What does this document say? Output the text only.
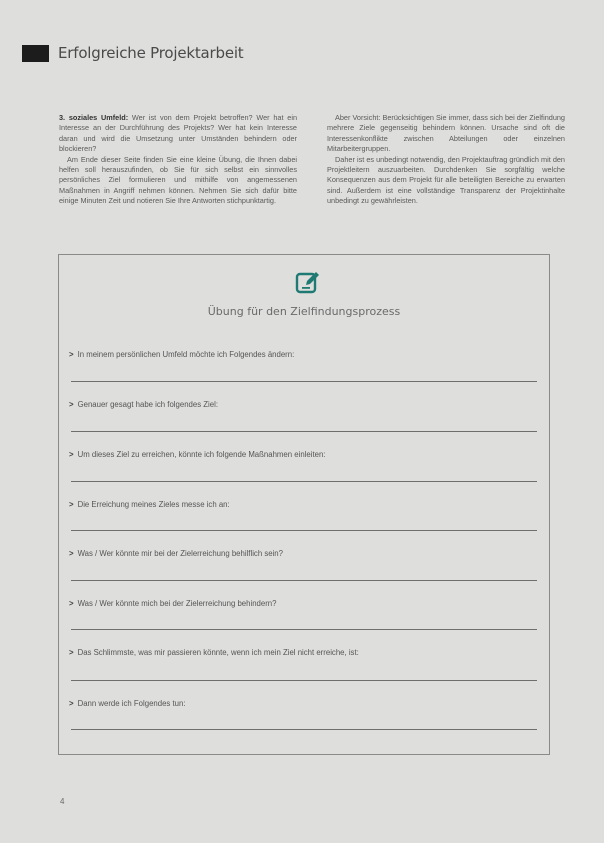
Erfolgreiche Projektarbeit

3. soziales Umfeld: Wer ist von dem Projekt betroffen? Wer hat ein Interesse an der Durchführung des Projekts? Wer hat kein Interesse daran und wird die Umsetzung unter Umständen behindern oder blockieren?

Am Ende dieser Seite finden Sie eine kleine Übung, die Ihnen dabei helfen soll herauszufinden, ob Sie für sich selbst ein sinnvolles persönliches Ziel formulieren und mithilfe von angemessenen Maßnahmen in Angriff nehmen können. Nehmen Sie sich dafür bitte einige Minuten Zeit und notieren Sie Ihre Antworten stichpunktartig.

Aber Vorsicht: Berücksichtigen Sie immer, dass sich bei der Zielfindung mehrere Ziele gegenseitig behindern können. Ursache sind oft die Interessenkonflikte zwischen Abteilungen oder einzelnen Mitarbeitergruppen.

Daher ist es unbedingt notwendig, den Projektauftrag gründlich mit den Projektleitern auszuarbeiten. Durchdenken Sie sorgfältig welche Konsequenzen aus dem Projekt für alle beteiligten Bereiche zu erwarten sind. Außerdem ist eine vollständige Transparenz der Projektinhalte unbedingt zu gewährleisten.

Übung für den Zielfindungsprozess
> In meinem persönlichen Umfeld möchte ich Folgendes ändern:
> Genauer gesagt habe ich folgendes Ziel:
> Um dieses Ziel zu erreichen, könnte ich folgende Maßnahmen einleiten:
> Die Erreichung meines Zieles messe ich an:
> Was / Wer könnte mir bei der Zielerreichung behilflich sein?
> Was / Wer könnte mich bei der Zielerreichung behindern?
> Das Schlimmste, was mir passieren könnte, wenn ich mein Ziel nicht erreiche, ist:
> Dann werde ich Folgendes tun:
4
